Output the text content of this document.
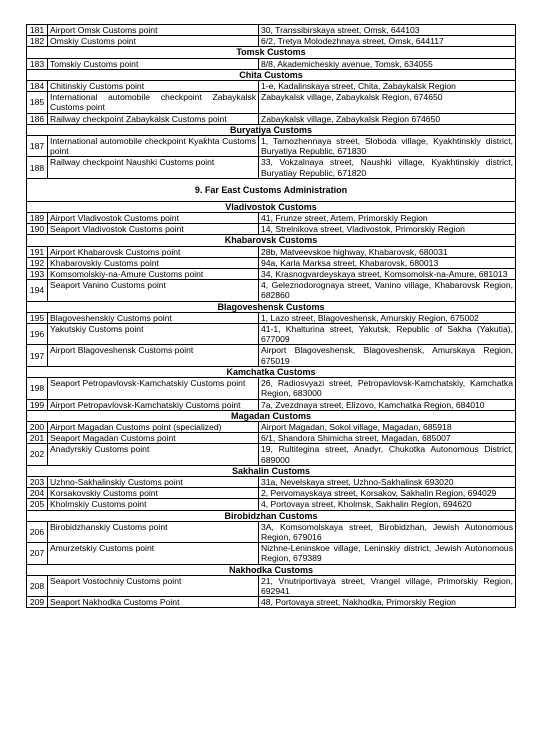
181	Airport Omsk Customs point	30, Transsibirskaya street, Omsk, 644103
182	Omskiy Customs point	6/2, Tretya Molodezhnaya street, Omsk, 644117
Tomsk Customs		
183	Tomskiy Customs point	8/8, Akademicheskiy avenue, Tomsk, 634055
Chita Customs		
184	Chitinskiy Customs point	1-e, Kadalinskaya street, Chita, Zabaykalsk Region
185	International automobile checkpoint Zabaykalsk Customs point	Zabaykalsk village, Zabaykalsk Region, 674650
186	Railway checkpoint Zabaykalsk Customs point	Zabaykalsk village, Zabaykalsk Region 674650
Buryatiya Customs		
187	International automobile checkpoint Kyakhta Customs point	1, Tamozhennaya street, Sloboda village, Kyakhtinskiy district, Buryatiya Republic, 671830
188	Railway checkpoint Naushki Customs point	33, Vokzalnaya street, Naushki village, Kyakhtinskiy district, Buryatiay Republic, 671820
9. Far East Customs Administration		
Vladivostok Customs		
189	Airport Vladivostok Customs point	41, Frunze street, Artem, Primorskiy Region
190	Seaport Vladivostok Customs point	14, Strelnikova street, Vladivostok, Primorskiy Region
Khabarovsk Customs		
191	Airport Khabarovsk Customs point	28b, Matveevskoe highway, Khabarovsk, 680031
192	Khabarovskiy Customs point	94a, Karla Marksa street, Khabarovsk, 680013
193	Komsomolskiy-na-Amure Customs point	34, Krasnogvardeyskaya street, Komsomolsk-na-Amure, 681013
194	Seaport Vanino Customs point	4, Geleznodorognaya street, Vanino village, Khabarovsk Region, 682860
Blagoveshensk Customs		
195	Blagoveshenskiy Customs point	1, Lazo street, Blagoveshensk, Amurskiy Region, 675002
196	Yakutskiy Customs point	41-1, Khalturina street, Yakutsk, Republic of Sakha (Yakutia), 677009
197	Airport Blagoveshensk Customs point	Airport Blagoveshensk, Blagoveshensk, Amurskaya Region, 675019
Kamchatka Customs		
198	Seaport Petropavlovsk-Kamchatskiy Customs point	26, Radiosvyazi street, Petropavlovsk-Kamchatskiy, Kamchatka Region, 683000
199	Airport Petropavlovsk-Kamchatskiy Customs point	7a, Zvezdnaya street, Elizovo, Kamchatka Region, 684010
Magadan Customs		
200	Airport Magadan Customs point (specialized)	Airport Magadan, Sokol village, Magadan, 685918
201	Seaport Magadan Customs point	6/1, Shandora Shimicha street, Magadan, 685007
202	Anadyrskiy Customs point	19, Rultitegina street, Anadyr, Chukotka Autonomous District, 689000
Sakhalin Customs		
203	Uzhno-Sakhalinskiy Customs point	31a, Nevelskaya street, Uzhno-Sakhalinsk 693020
204	Korsakovskiy Customs point	2, Pervomayskaya street, Korsakov, Sakhalin Region, 694029
205	Kholmskiy Customs point	4, Portovaya street, Kholmsk, Sakhalin Region, 694620
Birobidzhan Customs		
206	Birobidzhanskiy Customs point	3A, Komsomolskaya street, Birobidzhan, Jewish Autonomous Region, 679016
207	Amurzetskiy Customs point	Nizhne-Leninskoe village, Leninskiy district, Jewish Autonomous Region, 679389
Nakhodka Customs		
208	Seaport Vostochniy Customs point	21, Vnutriportivaya street, Vrangel village, Primorskiy Region, 692941
209	Seaport Nakhodka Customs Point	48, Portovaya street, Nakhodka, Primorskiy Region
